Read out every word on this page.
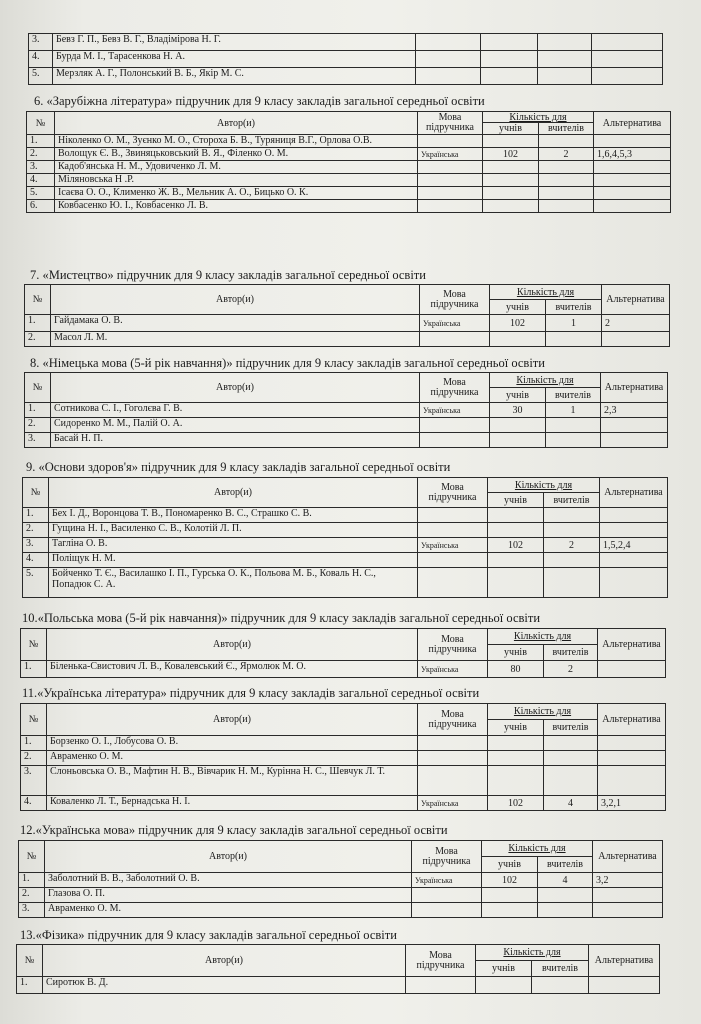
3.	Бевз Г. П., Бевз В. Г., Владімірова Н. Г.				
4.	Бурда М. І., Тарасенкова Н. А.				
5.	Мерзляк А. Г., Полонський В. Б., Якір М. С.				
6. «Зарубіжна література» підручник для 9 класу закладів загальної середньої освіти
№	Автор(и)	Мова підручника	Кількість для		Альтернатива
			учнів	вчителів	
1.	Ніколенко О. М., Зуєнко М. О., Стороха Б. В., Туряниця В.Г., Орлова О.В.				
2.	Волощук Є. В., Звиняцьковський В. Я., Філенко О. М.	Українська	102	2	1,6,4,5,3
3.	Кадоб'янська Н. М., Удовиченко Л. М.				
4.	Міляновська Н .Р.				
5.	Ісаєва О. О., Клименко Ж. В., Мельник А. О., Бицько О. К.				
6.	Ковбасенко Ю. І., Ковбасенко Л. В.				
7. «Мистецтво» підручник для 9 класу закладів загальної середньої освіти
№	Автор(и)	Мова підручника	Кількість для		Альтернатива
			учнів	вчителів	
1.	Гайдамака О. В.	Українська	102	1	2
2.	Масол Л. М.				
8. «Німецька мова (5-й рік навчання)» підручник для 9 класу закладів загальної середньої освіти
№	Автор(и)	Мова підручника	Кількість для		Альтернатива
			учнів	вчителів	
1.	Сотникова С. І., Гоголєва Г. В.	Українська	30	1	2,3
2.	Сидоренко М. М., Палій О. А.				
3.	Басай Н. П.				
9. «Основи здоров'я» підручник для 9 класу закладів загальної середньої освіти
№	Автор(и)	Мова підручника	Кількість для		Альтернатива
			учнів	вчителів	
1.	Бех І. Д., Воронцова Т. В., Пономаренко В. С., Страшко С. В.				
2.	Гущина Н. І., Василенко С. В., Колотій Л. П.				
3.	Тагліна О. В.	Українська	102	2	1,5,2,4
4.	Поліщук Н. М.				
5.	Бойченко Т. Є., Василашко І. П., Гурська О. К., Польова М. Б., Коваль Н. С., Попадюк С. А.				
10.«Польська мова (5-й рік навчання)» підручник для 9 класу закладів загальної середньої освіти
№	Автор(и)	Мова підручника	Кількість для		Альтернатива
			учнів	вчителів	
1.	Біленька-Свистович Л. В., Ковалевський Є., Ярмолюк М. О.	Українська	80	2	
11.«Українська література» підручник для 9 класу закладів загальної середньої освіти
№	Автор(и)	Мова підручника	Кількість для		Альтернатива
			учнів	вчителів	
1.	Борзенко О. І., Лобусова О. В.				
2.	Авраменко О. М.				
3.	Слоньовська О. В., Мафтин Н. В., Вівчарик Н. М., Курінна Н. С., Шевчук Л. Т.				
4.	Коваленко Л. Т., Бернадська Н. І.	Українська	102	4	3,2,1
12.«Українська мова» підручник для 9 класу закладів загальної середньої освіти
№	Автор(и)	Мова підручника	Кількість для		Альтернатива
			учнів	вчителів	
1.	Заболотний В. В., Заболотний О. В.	Українська	102	4	3,2
2.	Глазова О. П.				
3.	Авраменко О. М.				
13.«Фізика» підручник для 9 класу закладів загальної середньої освіти
№	Автор(и)	Мова підручника	Кількість для		Альтернатива
			учнів	вчителів	
1.	Сиротюк В. Д.				
